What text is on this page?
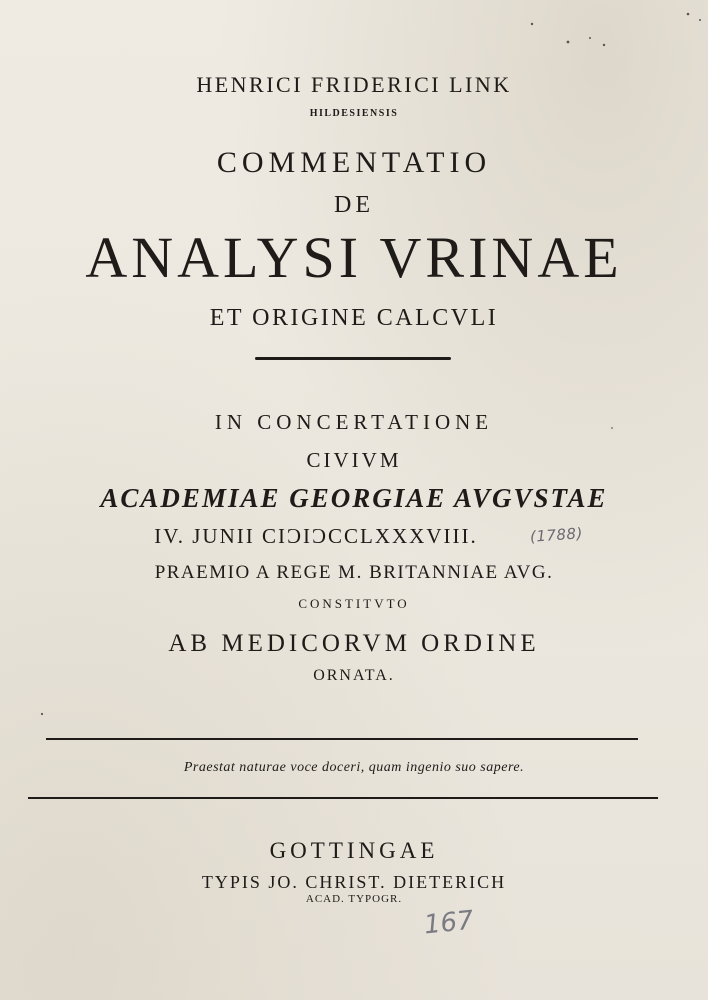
HENRICI FRIDERICI LINK

HILDESIENSIS

COMMENTATIO

DE

ANALYSI VRINAE

ET ORIGINE CALCVLI

IN CONCERTATIONE

CIVIVM

ACADEMIAE GEORGIAE AVGVSTAE

IV. JUNII CIƆIƆCCLXXXVIII.	(1788)

PRAEMIO A REGE M. BRITANNIAE AVG.

CONSTITVTO

AB MEDICORVM ORDINE

ORNATA.

Praestat naturae voce doceri, quam ingenio suo sapere.

GOTTINGAE

TYPIS JO. CHRIST. DIETERICH

ACAD. TYPOGR.

167
